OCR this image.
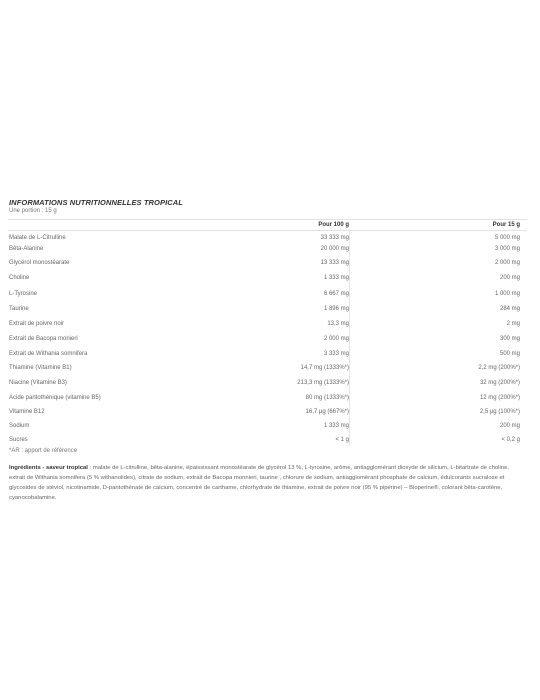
INFORMATIONS NUTRITIONNELLES TROPICAL
Une portion : 15 g
Pour 100 g	Pour 15 g
Malate de L-Citrulline	33 333 mg	5 000 mg
Bêta-Alanine	20 000 mg	3 000 mg
Glycérol monostéarate	13 333 mg	2 000 mg
Choline	1 333 mg	200 mg
L-Tyrosine	6 667 mg	1 000 mg
Taurine	1 896 mg	284 mg
Extrait de poivre noir	13,3 mg	2 mg
Extrait de Bacopa monieri	2 000 mg	300 mg
Extrait de Withania somnifera	3 333 mg	500 mg
Thiamine (Vitamine B1)	14,7 mg (1333%*)	2,2 mg (200%*)
Niacine (Vitamine B3)	213,3 mg (1333%*)	32 mg (200%*)
Acide pantothénique (vitamine B5)	80 mg (1333%*)	12 mg (200%*)
Vitamine B12	16,7 µg (667%*)	2,5 µg (100%*)
Sodium	1 333 mg	200 mg
Sucres	< 1 g	< 0,2 g
*AR : apport de référence
Ingrédients - saveur tropical : malate de L-citrulline, bêta-alanine, épaississant monostéarate de glycérol 13 %, L-tyrosine, arôme, antiagglomérant dioxyde de silicium, L-bitartrate de choline, extrait de Withania somnifera (5 % withanolides), citrate de sodium, extrait de Bacopa monnieri, taurine , chlorure de sodium, antiagglomérant phosphate de calcium, édulcorants sucralose et glycosides de stéviol, nicotinamide, D-pantothénate de calcium, concentré de carthame, chlorhydrate de thiamine, extrait de poivre noir (95 % pipérine) – Bioperine®, colorant bêta-carotène, cyanocobalamine.
